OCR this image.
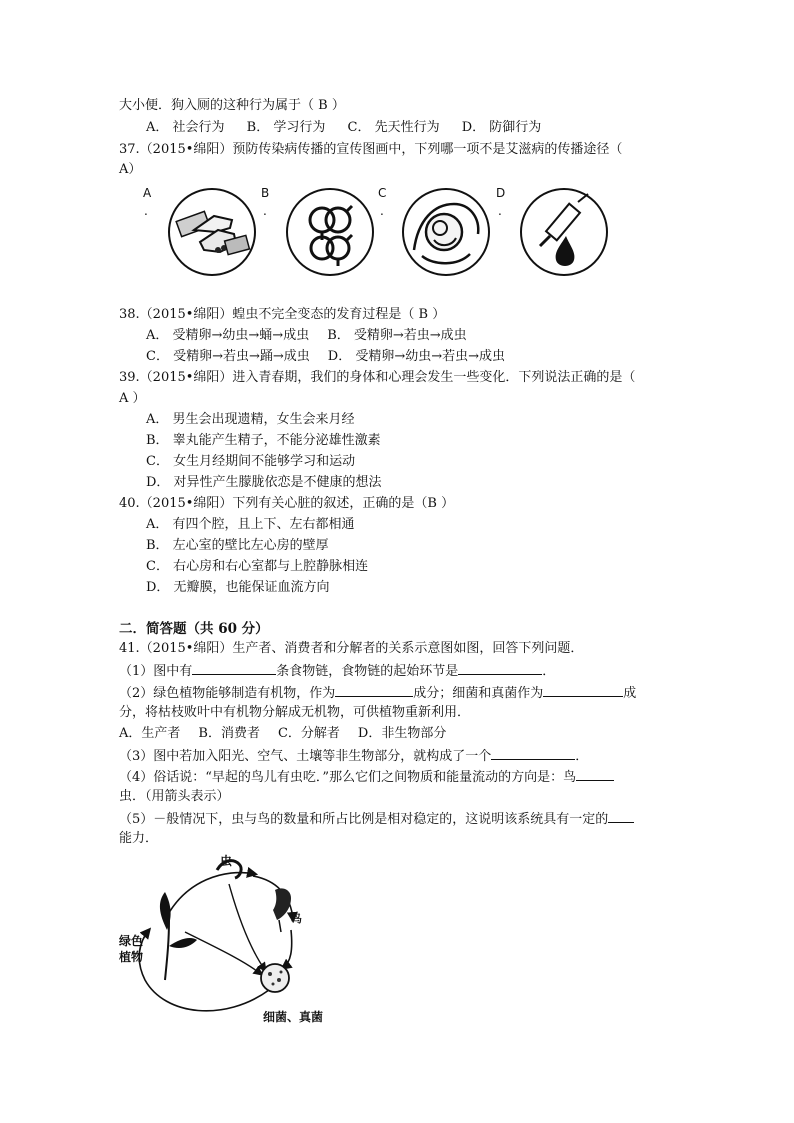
大小便．狗入厕的这种行为属于（ B ）
A． 社会行为 B． 学习行为 C． 先天性行为 D． 防御行为
37.（2015•绵阳）预防传染病传播的宣传图画中，下列哪一项不是艾滋病的传播途径（
A）
A
.
B
.
C
.
D
.
38.（2015•绵阳）蝗虫不完全变态的发育过程是（ B ）
A． 受精卵→幼虫→蛹→成虫 B． 受精卵→若虫→成虫
C． 受精卵→若虫→踊→成虫 D． 受精卵→幼虫→若虫→成虫
39.（2015•绵阳）进入青春期，我们的身体和心理会发生一些变化．下列说法正确的是（
A ）
A． 男生会出现遗精，女生会来月经
B． 睾丸能产生精子，不能分泌雄性激素
C． 女生月经期间不能够学习和运动
D． 对异性产生朦胧依恋是不健康的想法
40.（2015•绵阳）下列有关心脏的叙述，正确的是（B ）
A． 有四个腔，且上下、左右都相通
B． 左心室的壁比左心房的壁厚
C． 右心房和右心室都与上腔静脉相连
D． 无瓣膜，也能保证血流方向
二．简答题（共 60 分）
41.（2015•绵阳）生产者、消费者和分解者的关系示意图如图，回答下列问题．
（1）图中有	条食物链，食物链的起始环节是	．
（2）绿色植物能够制造有机物，作为	成分；细菌和真菌作为	成
分，将枯枝败叶中有机物分解成无机物，可供植物重新利用．
A．生产者 B．消费者 C．分解者 D．非生物部分
（3）图中若加入阳光、空气、土壤等非生物部分，就构成了一个	．
（4）俗话说：“早起的鸟儿有虫吃．”那么它们之间物质和能量流动的方向是：鸟
虫．（用箭头表示）
（5）－般情况下，虫与鸟的数量和所占比例是相对稳定的，这说明该系统具有一定的
能力．
虫
鸟
绿色
植物
细菌、真菌
